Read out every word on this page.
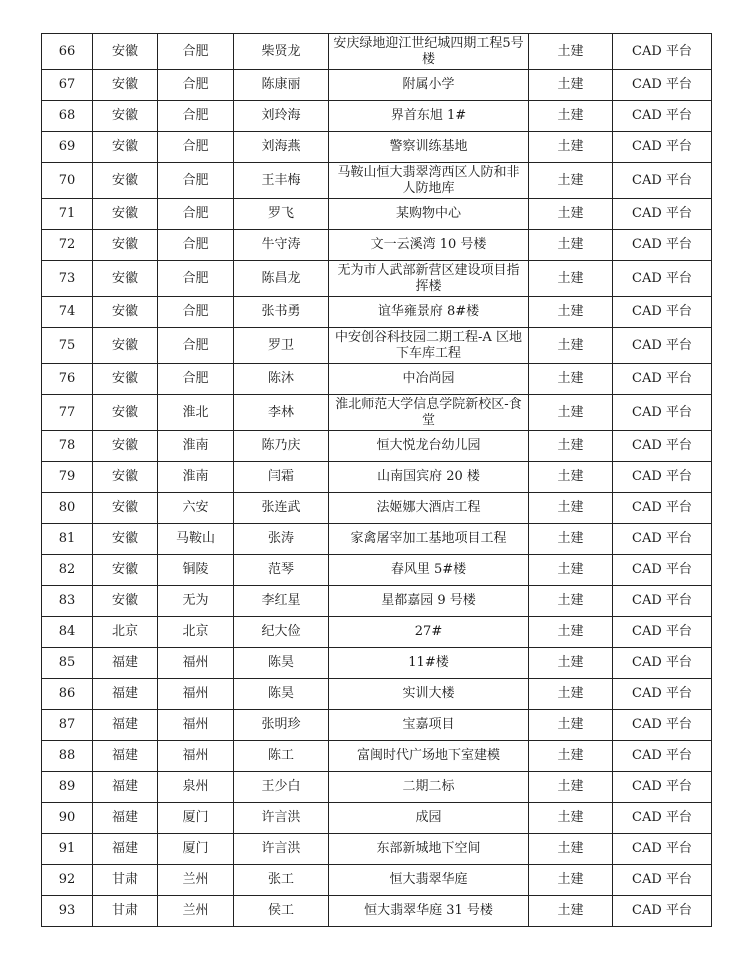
66	安徽	合肥	柴贤龙	安庆绿地迎江世纪城四期工程5号楼	土建	CAD 平台
67	安徽	合肥	陈康丽	附属小学	土建	CAD 平台
68	安徽	合肥	刘玲海	界首东旭 1#	土建	CAD 平台
69	安徽	合肥	刘海燕	警察训练基地	土建	CAD 平台
70	安徽	合肥	王丰梅	马鞍山恒大翡翠湾西区人防和非人防地库	土建	CAD 平台
71	安徽	合肥	罗飞	某购物中心	土建	CAD 平台
72	安徽	合肥	牛守涛	文一云溪湾 10 号楼	土建	CAD 平台
73	安徽	合肥	陈昌龙	无为市人武部新营区建设项目指挥楼	土建	CAD 平台
74	安徽	合肥	张书勇	谊华雍景府 8#楼	土建	CAD 平台
75	安徽	合肥	罗卫	中安创谷科技园二期工程-A 区地下车库工程	土建	CAD 平台
76	安徽	合肥	陈沐	中冶尚园	土建	CAD 平台
77	安徽	淮北	李林	淮北师范大学信息学院新校区-食堂	土建	CAD 平台
78	安徽	淮南	陈乃庆	恒大悦龙台幼儿园	土建	CAD 平台
79	安徽	淮南	闫霜	山南国宾府 20 楼	土建	CAD 平台
80	安徽	六安	张连武	法姬娜大酒店工程	土建	CAD 平台
81	安徽	马鞍山	张涛	家禽屠宰加工基地项目工程	土建	CAD 平台
82	安徽	铜陵	范琴	春风里 5#楼	土建	CAD 平台
83	安徽	无为	李红星	星都嘉园 9 号楼	土建	CAD 平台
84	北京	北京	纪大俭	27#	土建	CAD 平台
85	福建	福州	陈昊	11#楼	土建	CAD 平台
86	福建	福州	陈昊	实训大楼	土建	CAD 平台
87	福建	福州	张明珍	宝嘉项目	土建	CAD 平台
88	福建	福州	陈工	富闽时代广场地下室建模	土建	CAD 平台
89	福建	泉州	王少白	二期二标	土建	CAD 平台
90	福建	厦门	许言洪	成园	土建	CAD 平台
91	福建	厦门	许言洪	东部新城地下空间	土建	CAD 平台
92	甘肃	兰州	张工	恒大翡翠华庭	土建	CAD 平台
93	甘肃	兰州	侯工	恒大翡翠华庭 31 号楼	土建	CAD 平台
